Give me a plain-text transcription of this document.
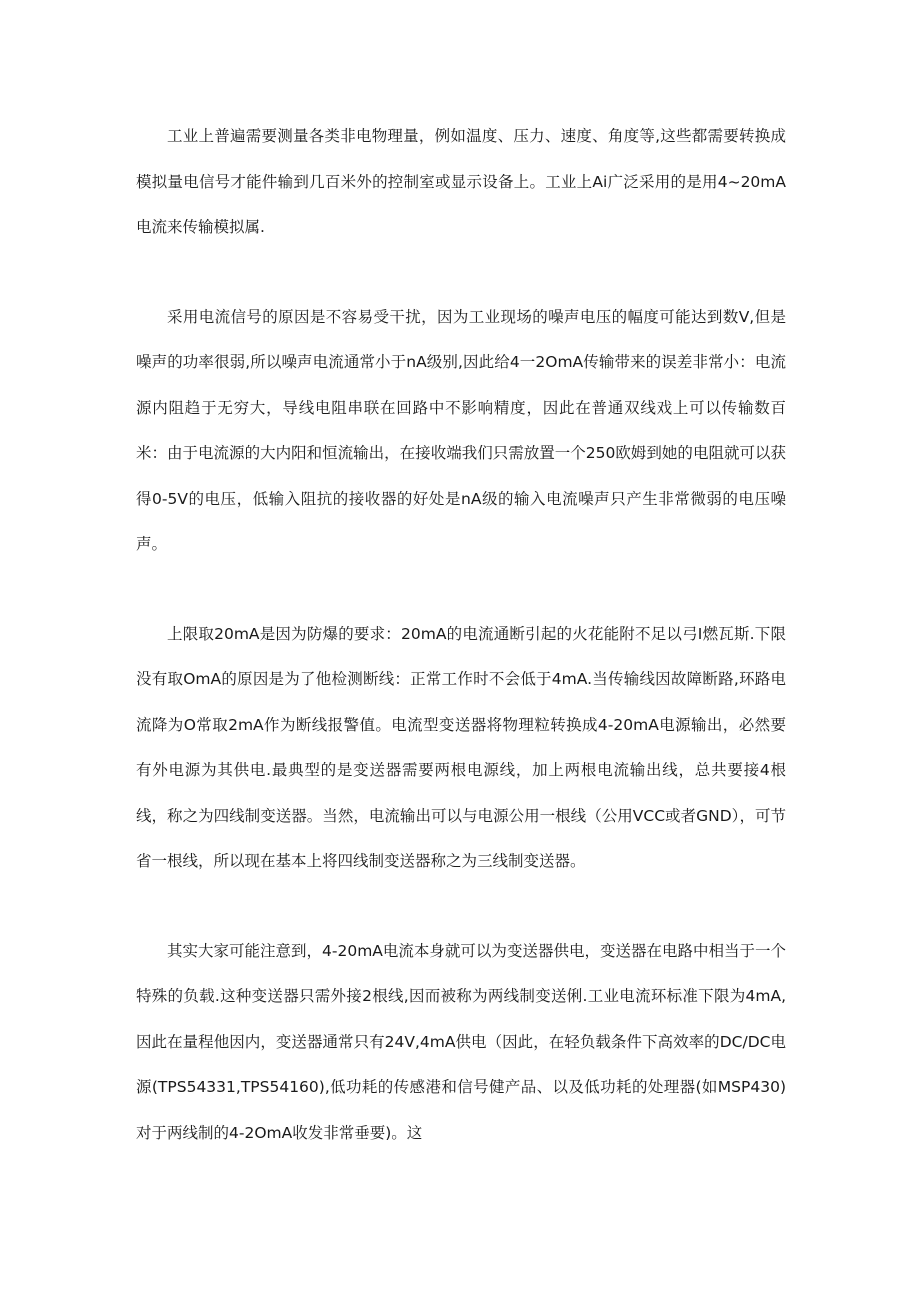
工业上普遍需要测量各类非电物理量，例如温度、压力、速度、角度等,这些都需要转换成模拟量电信号才能件输到几百米外的控制室或显示设备上。工业上Ai广泛采用的是用4~20mA电流来传输模拟属.

采用电流信号的原因是不容易受干扰，因为工业现场的噪声电压的幅度可能达到数V,但是噪声的功率很弱,所以噪声电流通常小于nA级别,因此给4一2OmA传输带来的误差非常小：电流源内阻趋于无穷大，导线电阻串联在回路中不影响精度，因此在普通双线戏上可以传输数百米：由于电流源的大内阳和恒流输出，在接收端我们只需放置一个250欧姆到她的电阻就可以获得0-5V的电压，低输入阻抗的接收器的好处是nA级的输入电流噪声只产生非常微弱的电压噪声。

上限取20mA是因为防爆的要求：20mA的电流通断引起的火花能附不足以弓I燃瓦斯.下限没有取OmA的原因是为了他检测断线：正常工作时不会低于4mA.当传输线因故障断路,环路电流降为O常取2mA作为断线报警值。电流型变送器将物理粒转换成4-20mA电源输出，必然要有外电源为其供电.最典型的是变送器需要两根电源线，加上两根电流输出线，总共要接4根线，称之为四线制变送器。当然，电流输出可以与电源公用一根线（公用VCC或者GND），可节省一根线，所以现在基本上将四线制变送器称之为三线制变送器。

其实大家可能注意到，4-20mA电流本身就可以为变送器供电，变送器在电路中相当于一个特殊的负载.这种变送器只需外接2根线,因而被称为两线制变送俐.工业电流环标准下限为4mA,因此在量程他因内，变送器通常只有24V,4mA供电（因此，在轻负载条件下高效率的DC/DC电源(TPS54331,TPS54160),低功耗的传感港和信号健产品、以及低功耗的处理器(如MSP430)对于两线制的4-2OmA收发非常垂要)。这
